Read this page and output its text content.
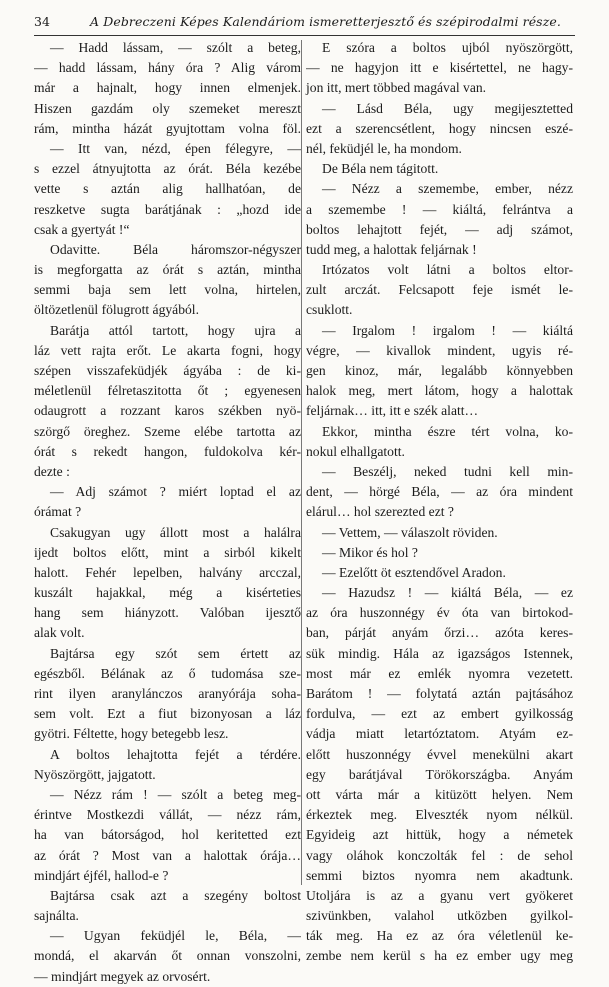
34	A Debreczeni Képes Kalendáriom ismeretterjesztő és szépirodalmi része.
— Hadd lássam, — szólt a beteg,
— hadd lássam, hány óra ? Alig várom
már a hajnalt, hogy innen elmenjek.
Hiszen gazdám oly szemeket mereszt
rám, mintha házát gyujtottam volna föl.
— Itt van, nézd, épen félegyre, —
s ezzel átnyujtotta az órát. Béla kezébe
vette s aztán alig hallhatóan, de
reszketve sugta barátjának : „hozd ide
csak a gyertyát !“
Odavitte. Béla háromszor-négyszer
is megforgatta az órát s aztán, mintha
semmi baja sem lett volna, hirtelen,
öltözetlenül fölugrott ágyából.
Barátja attól tartott, hogy ujra a
láz vett rajta erőt. Le akarta fogni, hogy
szépen visszafeküdjék ágyába : de ki-
méletlenül félretaszitotta őt ; egyenesen
odaugrott a rozzant karos székben nyö-
szörgő öreghez. Szeme elébe tartotta az
órát s rekedt hangon, fuldokolva kér-
dezte :
— Adj számot ? miért loptad el az
órámat ?
Csakugyan ugy állott most a halálra
ijedt boltos előtt, mint a sirból kikelt
halott. Fehér lepelben, halvány arcczal,
kuszált hajakkal, még a kisérteties
hang sem hiányzott. Valóban ijesztő
alak volt.
Bajtársa egy szót sem értett az
egészből. Bélának az ő tudomása sze-
rint ilyen aranylánczos aranyórája soha-
sem volt. Ezt a fiut bizonyosan a láz
gyötri. Féltette, hogy betegebb lesz.
A boltos lehajtotta fejét a térdére.
Nyöszörgött, jajgatott.
— Nézz rám ! — szólt a beteg meg-
érintve Mostkezdi vállát, — nézz rám,
ha van bátorságod, hol keritetted ezt
az órát ? Most van a halottak órája…
mindjárt éjfél, hallod-e ?
Bajtársa csak azt a szegény boltost
sajnálta.
— Ugyan feküdjél le, Béla, —
mondá, el akarván őt onnan vonszolni,
— mindjárt megyek az orvosért.
E szóra a boltos ujból nyöszörgött,
— ne hagyjon itt e kisértettel, ne hagy-
jon itt, mert többed magával van.
— Lásd Béla, ugy megijesztetted
ezt a szerencsétlent, hogy nincsen eszé-
nél, feküdjél le, ha mondom.
De Béla nem tágitott.
— Nézz a szemembe, ember, nézz
a szemembe ! — kiáltá, felrántva a
boltos lehajtott fejét, — adj számot,
tudd meg, a halottak feljárnak !
Irtózatos volt látni a boltos eltor-
zult arczát. Felcsapott feje ismét le-
csuklott.
— Irgalom ! irgalom ! — kiáltá
végre, — kivallok mindent, ugyis ré-
gen kinoz, már, legalább könnyebben
halok meg, mert látom, hogy a halottak
feljárnak… itt, itt e szék alatt…
Ekkor, mintha észre tért volna, ko-
nokul elhallgatott.
— Beszélj, neked tudni kell min-
dent, — hörgé Béla, — az óra mindent
elárul… hol szerezted ezt ?
— Vettem, — válaszolt röviden.
— Mikor és hol ?
— Ezelőtt öt esztendővel Aradon.
— Hazudsz ! — kiáltá Béla, — ez
az óra huszonnégy év óta van birtokod-
ban, párját anyám őrzi… azóta keres-
sük mindig. Hála az igazságos Istennek,
most már ez emlék nyomra vezetett.
Barátom ! — folytatá aztán pajtásához
fordulva, — ezt az embert gyilkosság
vádja miatt letartóztatom. Atyám ez-
előtt huszonnégy évvel menekülni akart
egy barátjával Törökországba. Anyám
ott várta már a kitüzött helyen. Nem
érkeztek meg. Elveszték nyom nélkül.
Egyideig azt hittük, hogy a németek
vagy oláhok konczolták fel : de sehol
semmi biztos nyomra nem akadtunk.
Utoljára is az a gyanu vert gyökeret
szivünkben, valahol utközben gyilkol-
ták meg. Ha ez az óra véletlenül ke-
zembe nem kerül s ha ez ember ugy meg
